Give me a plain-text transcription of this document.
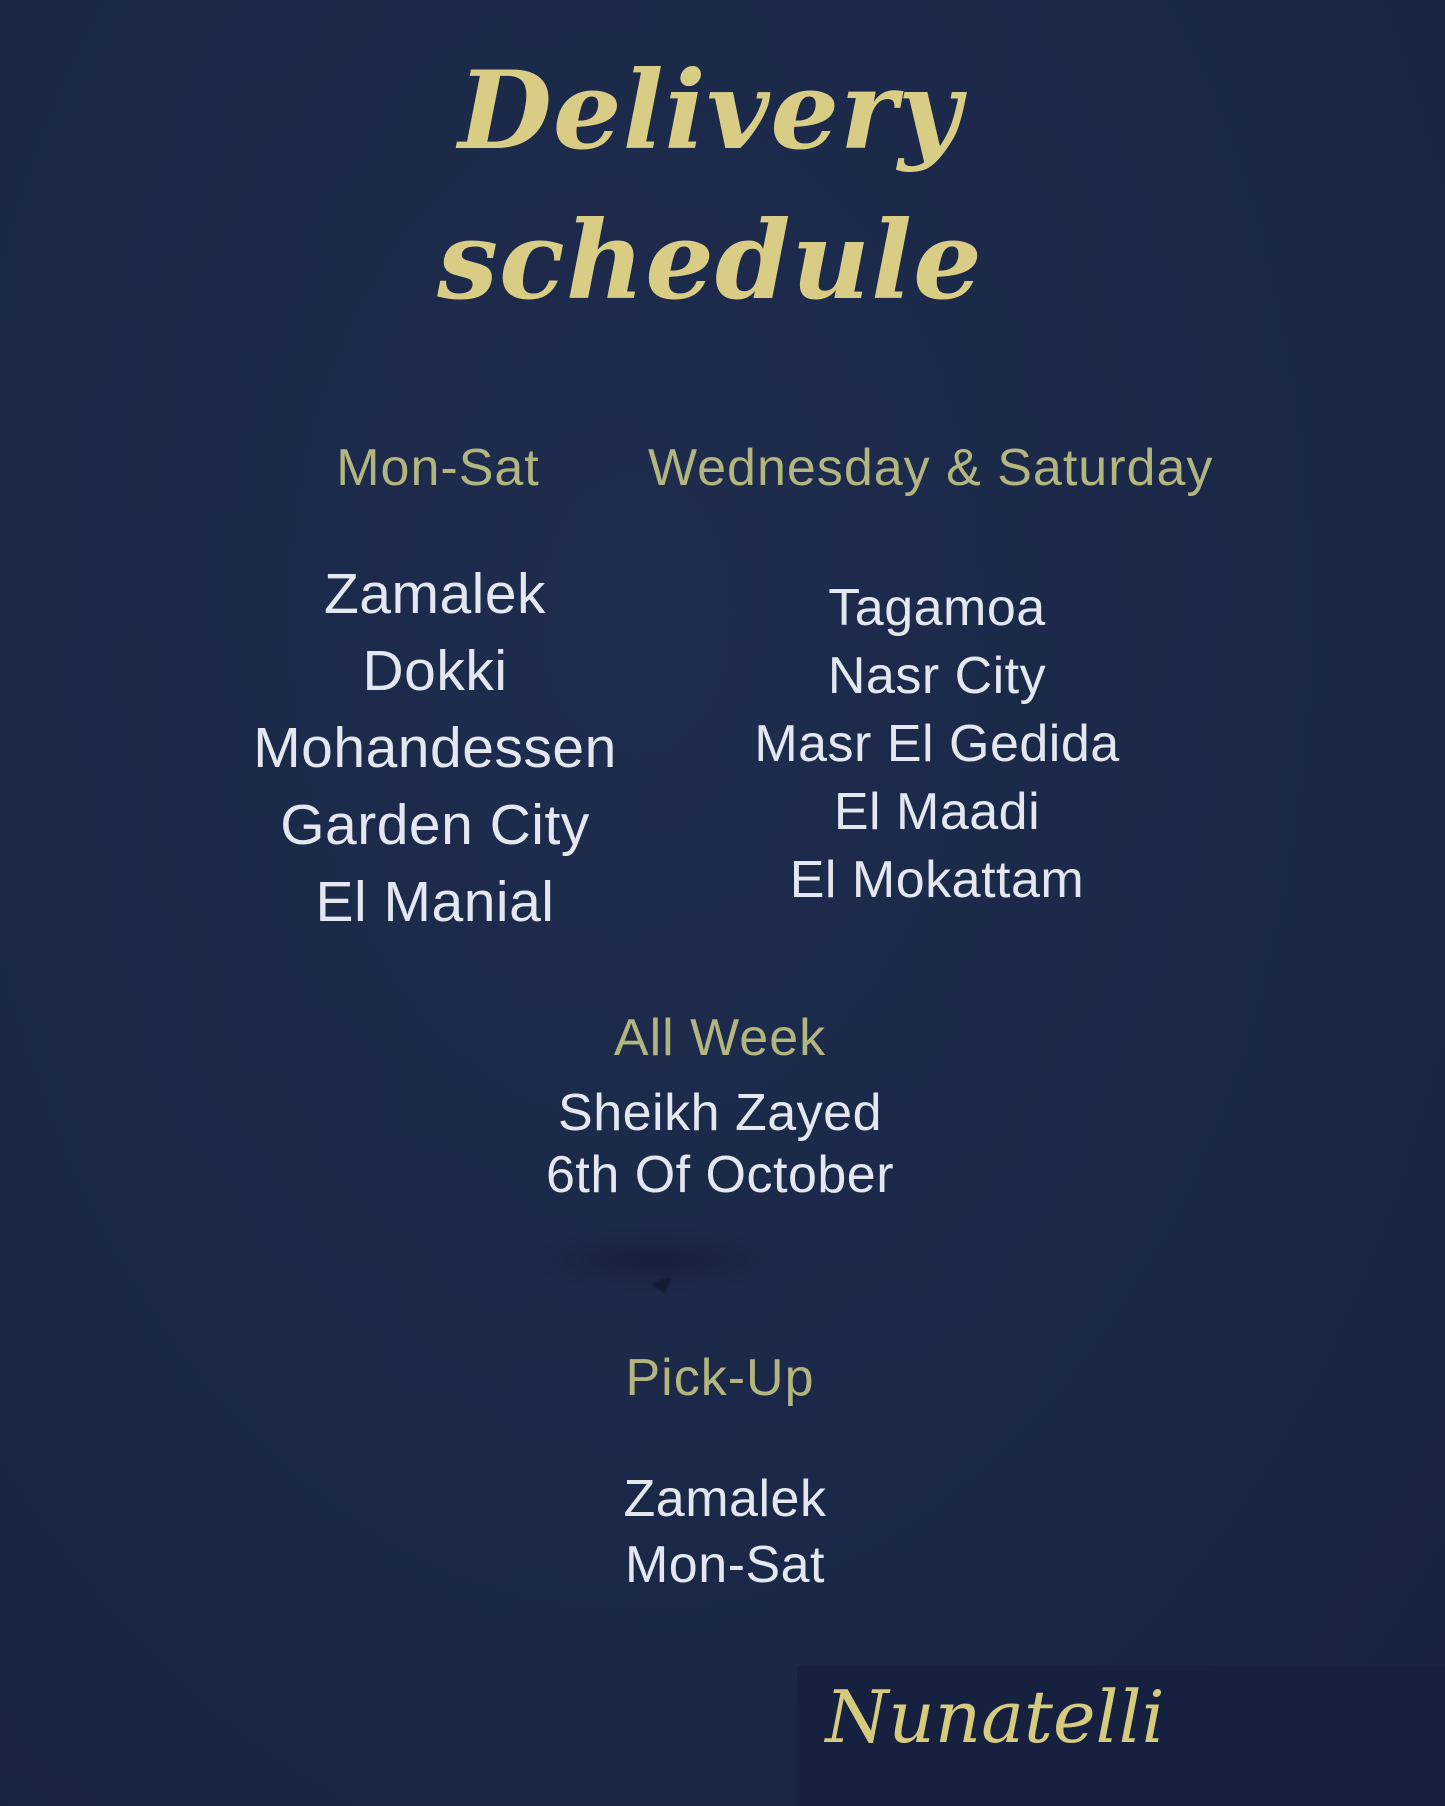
Delivery
schedule
Mon-Sat
Zamalek
Dokki
Mohandessen
Garden City
El Manial
Wednesday & Saturday
Tagamoa
Nasr City
Masr El Gedida
El Maadi
El Mokattam
All Week
Sheikh Zayed
6th Of October
Pick-Up
Zamalek
Mon-Sat
Nunatelli
